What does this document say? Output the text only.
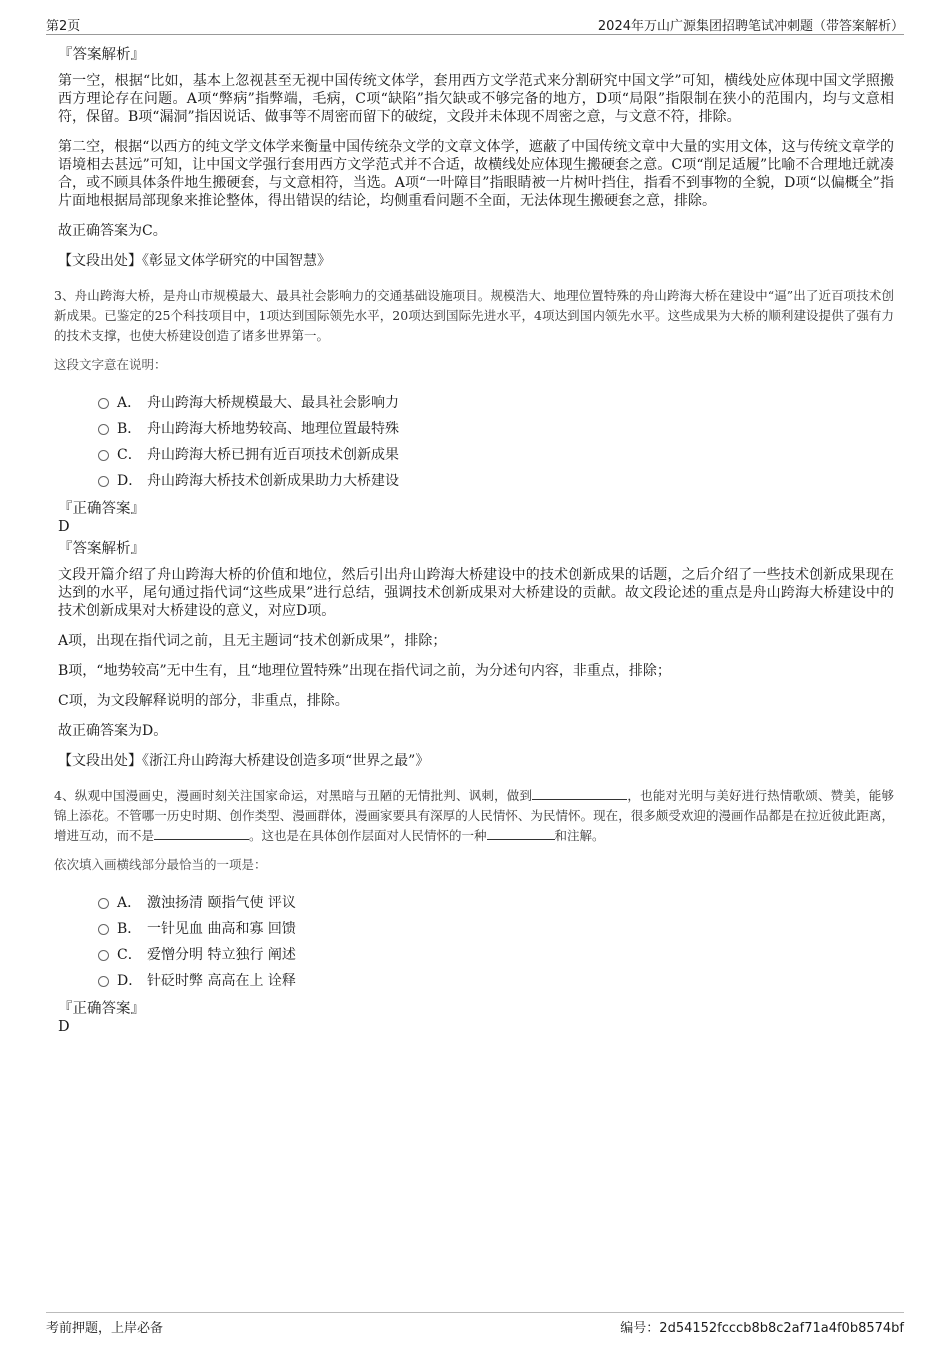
第2页	2024年万山广源集团招聘笔试冲刺题（带答案解析）
『答案解析』

第一空，根据“比如，基本上忽视甚至无视中国传统文体学，套用西方文学范式来分割研究中国文学”可知，横线处应体现中国文学照搬西方理论存在问题。A项“弊病”指弊端，毛病，C项“缺陷”指欠缺或不够完备的地方，D项“局限”指限制在狭小的范围内，均与文意相符，保留。B项“漏洞”指因说话、做事等不周密而留下的破绽，文段并未体现不周密之意，与文意不符，排除。

第二空，根据“以西方的纯文学文体学来衡量中国传统杂文学的文章文体学，遮蔽了中国传统文章中大量的实用文体，这与传统文章学的语境相去甚远”可知，让中国文学强行套用西方文学范式并不合适，故横线处应体现生搬硬套之意。C项“削足适履”比喻不合理地迁就凑合，或不顾具体条件地生搬硬套，与文意相符，当选。A项“一叶障目”指眼睛被一片树叶挡住，指看不到事物的全貌，D项“以偏概全”指片面地根据局部现象来推论整体，得出错误的结论，均侧重看问题不全面，无法体现生搬硬套之意，排除。

故正确答案为C。

【文段出处】《彰显文体学研究的中国智慧》

3、舟山跨海大桥，是舟山市规模最大、最具社会影响力的交通基础设施项目。规模浩大、地理位置特殊的舟山跨海大桥在建设中“逼”出了近百项技术创新成果。已鉴定的25个科技项目中，1项达到国际领先水平，20项达到国际先进水平，4项达到国内领先水平。这些成果为大桥的顺利建设提供了强有力的技术支撑，也使大桥建设创造了诸多世界第一。

这段文字意在说明：
A． 舟山跨海大桥规模最大、最具社会影响力
B． 舟山跨海大桥地势较高、地理位置最特殊
C． 舟山跨海大桥已拥有近百项技术创新成果
D． 舟山跨海大桥技术创新成果助力大桥建设
『正确答案』
D
『答案解析』

文段开篇介绍了舟山跨海大桥的价值和地位，然后引出舟山跨海大桥建设中的技术创新成果的话题，之后介绍了一些技术创新成果现在达到的水平，尾句通过指代词“这些成果”进行总结，强调技术创新成果对大桥建设的贡献。故文段论述的重点是舟山跨海大桥建设中的技术创新成果对大桥建设的意义，对应D项。

A项，出现在指代词之前，且无主题词“技术创新成果”，排除；

B项，“地势较高”无中生有，且“地理位置特殊”出现在指代词之前，为分述句内容，非重点，排除；

C项，为文段解释说明的部分，非重点，排除。

故正确答案为D。

【文段出处】《浙江舟山跨海大桥建设创造多项“世界之最”》

4、纵观中国漫画史，漫画时刻关注国家命运，对黑暗与丑陋的无情批判、讽刺，做到	，也能对光明与美好进行热情歌颂、赞美，能够锦上添花。不管哪一历史时期、创作类型、漫画群体，漫画家要具有深厚的人民情怀、为民情怀。现在，很多颇受欢迎的漫画作品都是在拉近彼此距离，增进互动，而不是	。这也是在具体创作层面对人民情怀的一种	和注解。

依次填入画横线部分最恰当的一项是：
A． 激浊扬清 颐指气使 评议
B． 一针见血 曲高和寡 回馈
C． 爱憎分明 特立独行 阐述
D． 针砭时弊 高高在上 诠释
『正确答案』
D
考前押题，上岸必备	编号：2d54152fcccb8b8c2af71a4f0b8574bf
